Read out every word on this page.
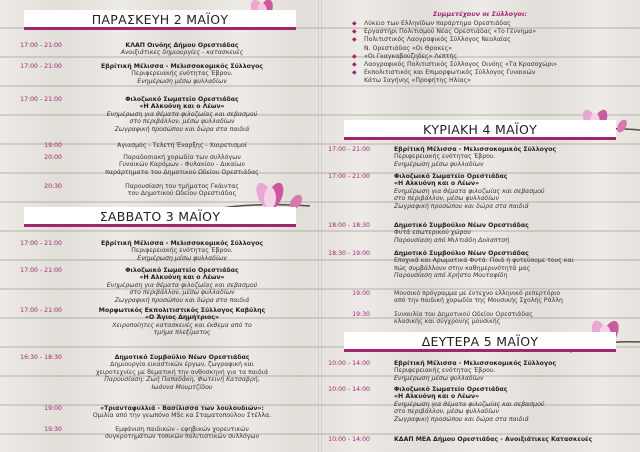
ΠΑΡΑΣΚΕΥΗ 2 ΜΑΪΟΥ
17:00 - 21:00	ΚΛΑΠ Οινόης Δήμου Ορεστιάδας
Ανοιξιάτικες δημιουργίες - κατασκευές
17:00 - 21:00	Εβρίτική Μέλισσα - Μελισσοκομικός Σύλλογος
Περιφερειακής ενότητας Έβρου.
Ενημέρωση μέσω φυλλαδίων
17:00 - 21:00	Φιλοζωικό Σωματείο Ορεστιάδας
«Η Αλκυόνη και ο Λέων»
Ενημέρωση για θέματα φιλοζωίας και σεβασμού
στο περιβάλλον, μέσω φυλλαδίων
Ζωγραφική προσώπου και δώρα στα παιδιά
19:00	Αγιασμός - Τελετή Έναρξης - Χαιρετισμοί
20:00	Παραδοσιακή χορωδία των συλλόγων
Γυναικών Καράμων - Φυλακίου - Δικαίων
παράρτηματα του Δημοτικού Ωδείου Ορεστιάδας
20:30	Παρουσίαση του τμήματος Γκάιντας
του Δημοτικού Ωδείου Ορεστιάδας
ΣΑΒΒΑΤΟ 3 ΜΑΪΟΥ
17:00 - 21:00	Εβρίτική Μέλισσα - Μελισσοκομικός Σύλλογος
Περιφερειακής ενότητας Έβρου.
Ενημέρωση μέσω φυλλαδίων
17:00 - 21:00	Φιλοζωικό Σωματείο Ορεστιάδας
«Η Αλκυόνη και ο Λέων»
Ενημέρωση για θέματα φιλοζωίας και σεβασμού
στο περιβάλλον, μέσω φυλλαδίων
Ζωγραφική προσώπου και δώρα στα παιδιά
17:00 - 21:00	Μορφωτικός Εκπολιτιστικός Σύλλογος Καβύλης
«Ο Άγιος Δημήτριος»
Χειροποίητες κατασκευές και έκθεμα από το
τμήμα πλεξίματος
16:30 - 18:30	Δημοτικό Συμβούλιο Νέων Ορεστιάδας
Δημιουργία εικαστικών έργων, ζωγραφική και
χειροτεχνίες με θεματική την ανθοσκηνή για τα παιδιά
Παρουσίαση: Ζωή Παπαδάκη, Φωτεινή Κατσαβρή,
Ιωάννα Μουμτζίδου
19:00	«Τριανταφυλλιά - Βασίλισσα των λουλουδιών»:
Ομιλία από την γεωπόνο MSc κα Σταματοπούλου Στέλλα.
19:30	Εμφάνιση παιδικών - εφηβικών χορευτικών
συγκροτημάτων τοπικών πολιτιστικών συλλόγων
Συμμετέχουν οι Σύλλογοι:
◆ Λύκειο των Ελληνίδων παράρτημα Ορεστιάδας
◆ Εργαστήρι Πολιτισμού Νέας Ορεστιάδας «Το Γέννημα»
◆ Πολιτιστικός Λαογραφικός Σύλλογος Νεολαίας
Ν. Ορεστιάδας «Οι Θρακες»
◆ «Οι Γκαγκαβούζηδες» Λεπτής
◆ Λαογραφικός Πολιτιστικός Σύλλογος Οινόης «Τα Κρασοχώρι»
◆ Εκπολιτιστικός και Επιμορφωτικός Σύλλογος Γυναικών
Κάτω Σαγήνης «Προφήτης Ηλίας»
ΚΥΡΙΑΚΗ 4 ΜΑΪΟΥ
17:00 - 21:00	Εβρίτική Μέλισσα - Μελισσοκομικός Σύλλογος
Περιφερειακής ενότητας Έβρου.
Ενημέρωση μέσω φυλλαδίων
17:00 - 21:00	Φιλοζωικό Σωματείο Ορεστιάδας
«Η Αλκυόνη και ο Λέων»
Ενημέρωση για θέματα φιλοζωίας και σεβασμού
στο περιβάλλον, μέσω φυλλαδίων
Ζωγραφική προσώπου και δώρα στα παιδιά
18:00 - 18:30	Δημοτικό Συμβούλιο Νέων Ορεστιάδας
Φυτά εσωτερικού χώρου
Παρουσίαση από Μιλτιάδη Δολαπτσή
18:30 - 19:00	Δημοτικό Συμβούλιο Νέων Ορεστιάδας
Εποχικά και Αρωματικά Φυτά: Ποιά ή φυτεύουμε τους και
πώς συμβάλλουν στην καθημερινότητά μας
Παρουσίαση από Χρήστο Μουταφίδη
19:00	Μουσικό πρόγραμμα με έντεχνο ελληνικό ρεπερτόριο
από την παιδική χορωδία της Μουσικής Σχολής Ράλλη
19:30	Συναυλία του Δημοτικού Ωδείου Ορεστιάδας
κλασικής και σύγχρονης μουσικής
ΔΕΥΤΕΡΑ 5 ΜΑΪΟΥ
10:00 - 14:00	Εβρίτική Μέλισσα - Μελισσοκομικός Σύλλογος
Περιφερειακής ενότητας Έβρου.
Ενημέρωση μέσω φυλλαδίων
10:00 - 14:00	Φιλοζωικό Σωματείο Ορεστιάδας
«Η Αλκυόνη και ο Λέων»
Ενημέρωση για θέματα φιλοζωίας και σεβασμού
στο περιβάλλον, μέσω φυλλαδίων
Ζωγραφική προσώπου και δώρα στα παιδιά
10:00 - 14:00	ΚΔΑΠ ΜΕΑ Δήμου Ορεστιάδας - Ανοιξιάτικες Κατασκευές
